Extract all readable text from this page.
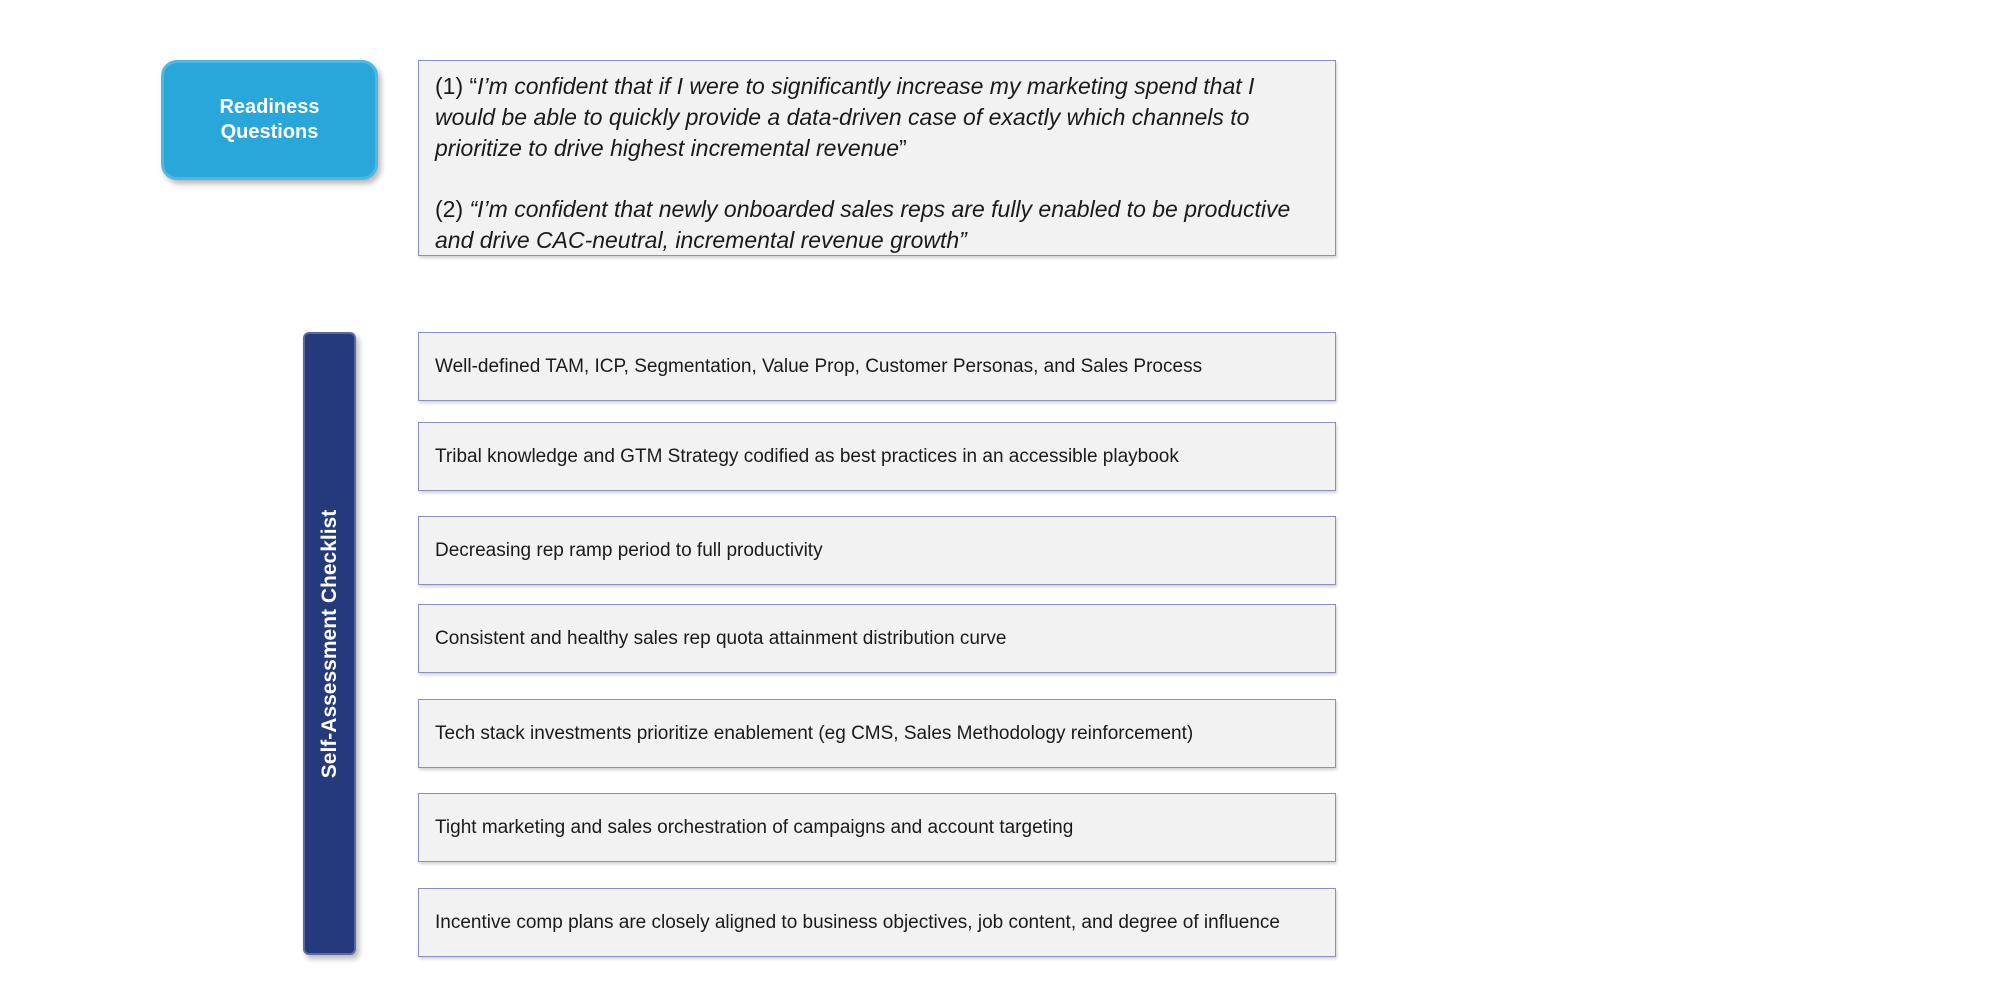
Readiness
Questions

(1) “I’m confident that if I were to significantly increase my marketing spend that I would be able to quickly provide a data-driven case of exactly which channels to prioritize to drive highest incremental revenue”

(2) “I’m confident that newly onboarded sales reps are fully enabled to be productive and drive CAC-neutral, incremental revenue growth”

Self-Assessment Checklist
Well-defined TAM, ICP, Segmentation, Value Prop, Customer Personas, and Sales Process
Tribal knowledge and GTM Strategy codified as best practices in an accessible playbook
Decreasing rep ramp period to full productivity
Consistent and healthy sales rep quota attainment distribution curve
Tech stack investments prioritize enablement (eg CMS, Sales Methodology reinforcement)
Tight marketing and sales orchestration of campaigns and account targeting
Incentive comp plans are closely aligned to business objectives, job content, and degree of influence
